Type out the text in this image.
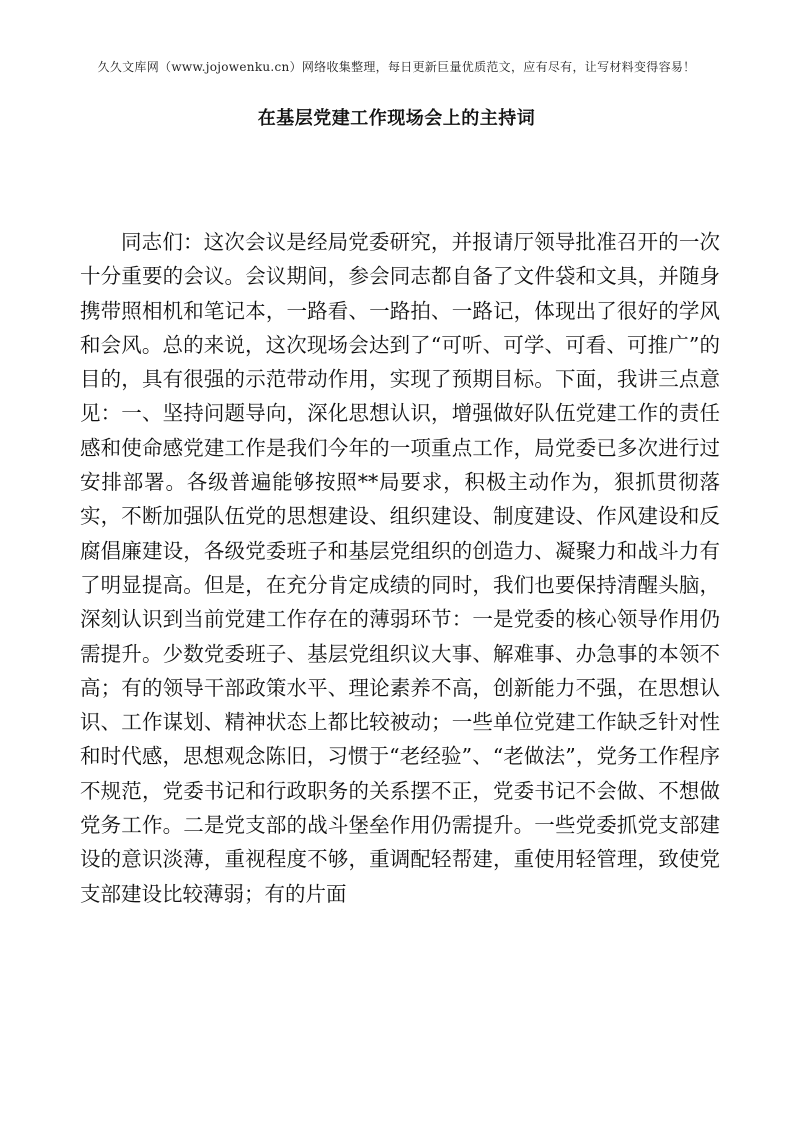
久久文库网（www.jojowenku.cn）网络收集整理，每日更新巨量优质范文，应有尽有，让写材料变得容易！
在基层党建工作现场会上的主持词

同志们：这次会议是经局党委研究，并报请厅领导批准召开的一次十分重要的会议。会议期间，参会同志都自备了文件袋和文具，并随身携带照相机和笔记本，一路看、一路拍、一路记，体现出了很好的学风和会风。总的来说，这次现场会达到了“可听、可学、可看、可推广”的目的，具有很强的示范带动作用，实现了预期目标。下面，我讲三点意见：一、坚持问题导向，深化思想认识，增强做好队伍党建工作的责任感和使命感党建工作是我们今年的一项重点工作，局党委已多次进行过安排部署。各级普遍能够按照**局要求，积极主动作为，狠抓贯彻落实，不断加强队伍党的思想建设、组织建设、制度建设、作风建设和反腐倡廉建设，各级党委班子和基层党组织的创造力、凝聚力和战斗力有了明显提高。但是，在充分肯定成绩的同时，我们也要保持清醒头脑，深刻认识到当前党建工作存在的薄弱环节：一是党委的核心领导作用仍需提升。少数党委班子、基层党组织议大事、解难事、办急事的本领不高；有的领导干部政策水平、理论素养不高，创新能力不强，在思想认识、工作谋划、精神状态上都比较被动；一些单位党建工作缺乏针对性和时代感，思想观念陈旧，习惯于“老经验”、“老做法”，党务工作程序不规范，党委书记和行政职务的关系摆不正，党委书记不会做、不想做党务工作。二是党支部的战斗堡垒作用仍需提升。一些党委抓党支部建设的意识淡薄，重视程度不够，重调配轻帮建，重使用轻管理，致使党支部建设比较薄弱；有的片面
